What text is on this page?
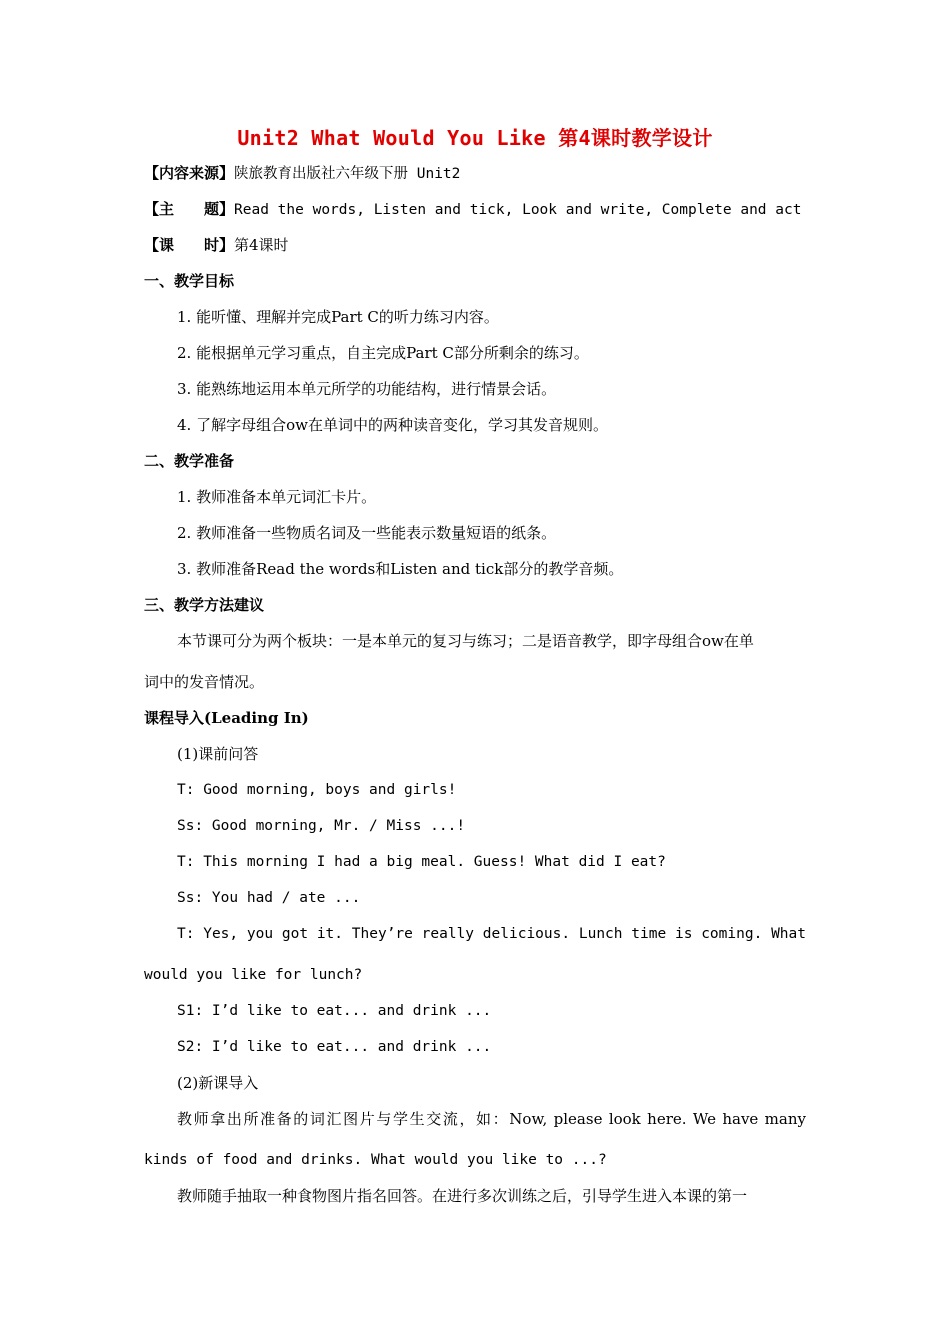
Unit2 What Would You Like 第4课时教学设计
【内容来源】陕旅教育出版社六年级下册 Unit2
【主　　题】Read the words, Listen and tick, Look and write, Complete and act
【课　　时】第4课时
一、教学目标
1. 能听懂、理解并完成Part C的听力练习内容。
2. 能根据单元学习重点，自主完成Part C部分所剩余的练习。
3. 能熟练地运用本单元所学的功能结构，进行情景会话。
4. 了解字母组合ow在单词中的两种读音变化，学习其发音规则。
二、教学准备
1. 教师准备本单元词汇卡片。
2. 教师准备一些物质名词及一些能表示数量短语的纸条。
3. 教师准备Read the words和Listen and tick部分的教学音频。
三、教学方法建议
本节课可分为两个板块：一是本单元的复习与练习；二是语音教学，即字母组合ow在单
词中的发音情况。
课程导入(Leading In)
(1)课前问答
T: Good morning, boys and girls!
Ss: Good morning, Mr. / Miss ...!
T: This morning I had a big meal. Guess! What did I eat?
Ss: You had / ate ...
T: Yes, you got it. They’re really delicious. Lunch time is coming. What
would you like for lunch?
S1: I’d like to eat... and drink ...
S2: I’d like to eat... and drink ...
(2)新课导入
教师拿出所准备的词汇图片与学生交流，如：Now, please look here. We have many
kinds of food and drinks. What would you like to ...?
教师随手抽取一种食物图片指名回答。在进行多次训练之后，引导学生进入本课的第一
